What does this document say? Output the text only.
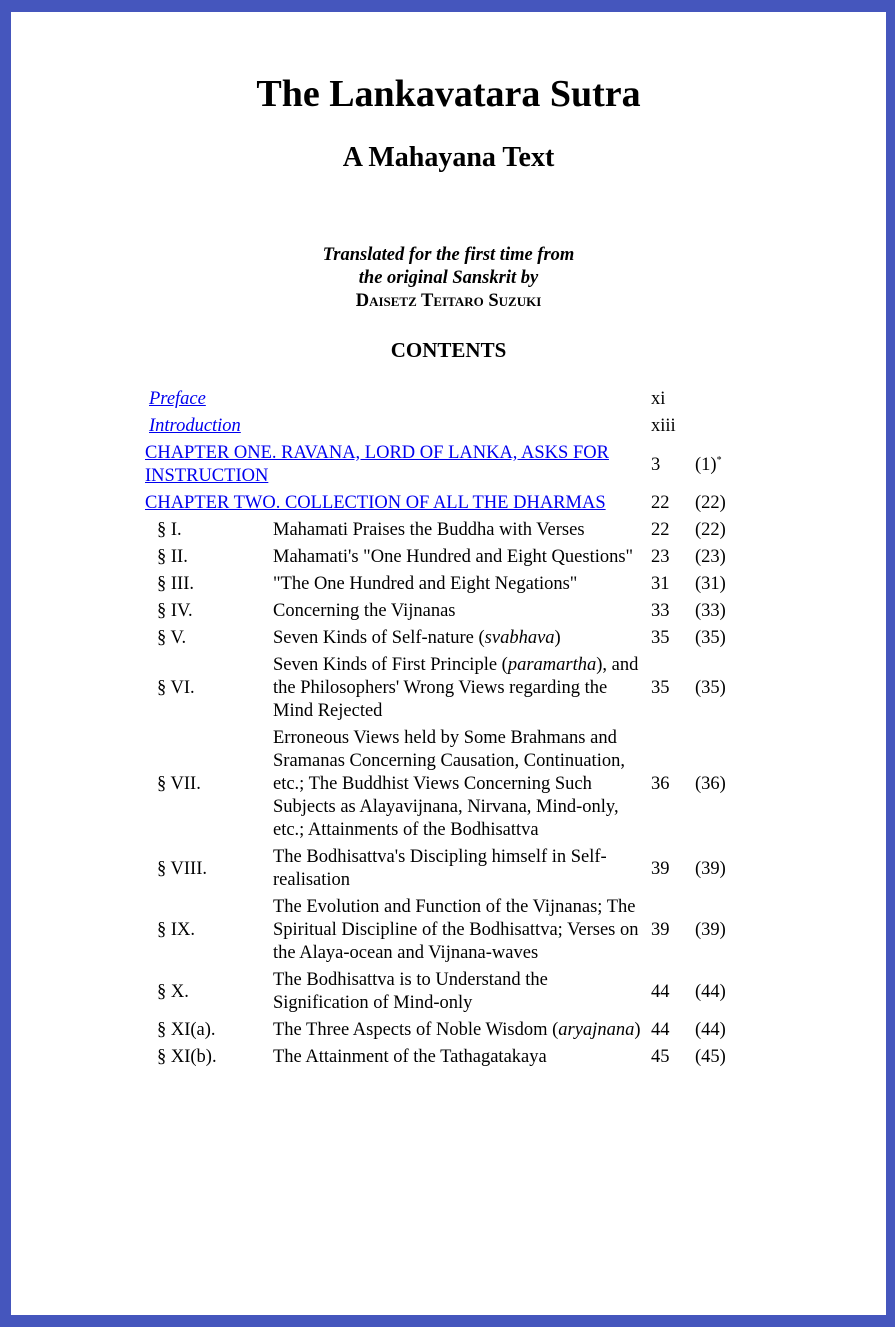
The Lankavatara Sutra
A Mahayana Text
Translated for the first time from
the original Sanskrit by
Daisetz Teitaro Suzuki
CONTENTS
Preface		xi	
Introduction		xiii	
CHAPTER ONE. RAVANA, LORD OF LANKA, ASKS FOR INSTRUCTION		3	(1)*
CHAPTER TWO. COLLECTION OF ALL THE DHARMAS		22	(22)
§ I.	Mahamati Praises the Buddha with Verses	22	(22)
§ II.	Mahamati's "One Hundred and Eight Questions"	23	(23)
§ III.	"The One Hundred and Eight Negations"	31	(31)
§ IV.	Concerning the Vijnanas	33	(33)
§ V.	Seven Kinds of Self-nature (svabhava)	35	(35)
§ VI.	Seven Kinds of First Principle (paramartha), and the Philosophers' Wrong Views regarding the Mind Rejected	35	(35)
§ VII.	Erroneous Views held by Some Brahmans and Sramanas Concerning Causation, Continuation, etc.; The Buddhist Views Concerning Such Subjects as Alayavijnana, Nirvana, Mind-only, etc.; Attainments of the Bodhisattva	36	(36)
§ VIII.	The Bodhisattva's Discipling himself in Self-realisation	39	(39)
§ IX.	The Evolution and Function of the Vijnanas; The Spiritual Discipline of the Bodhisattva; Verses on the Alaya-ocean and Vijnana-waves	39	(39)
§ X.	The Bodhisattva is to Understand the Signification of Mind-only	44	(44)
§ XI(a).	The Three Aspects of Noble Wisdom (aryajnana)	44	(44)
§ XI(b).	The Attainment of the Tathagatakaya	45	(45)
